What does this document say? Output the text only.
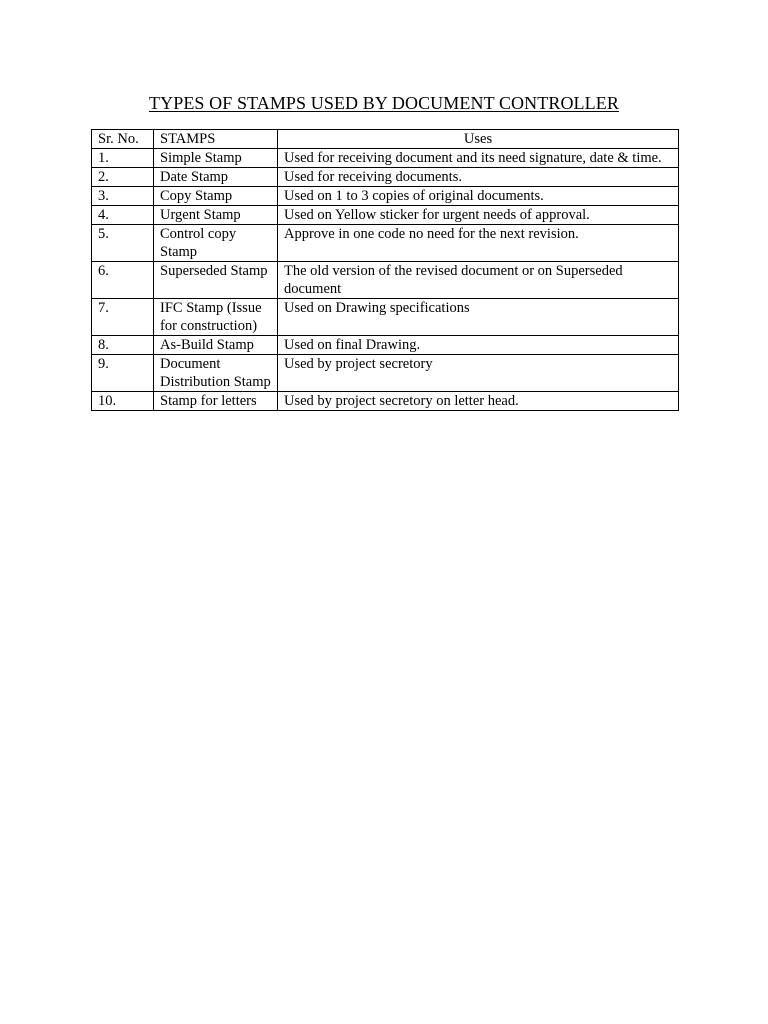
TYPES OF STAMPS USED BY DOCUMENT CONTROLLER
Sr. No.	STAMPS	Uses
1.	Simple Stamp	Used for receiving document and its need signature, date & time.
2.	Date Stamp	Used for receiving documents.
3.	Copy Stamp	Used on 1 to 3 copies of original documents.
4.	Urgent Stamp	Used on Yellow sticker for urgent needs of approval.
5.	Control copy Stamp	Approve in one code no need for the next revision.
6.	Superseded Stamp	The old version of the revised document or on Superseded document
7.	IFC Stamp (Issue for construction)	Used on Drawing specifications
8.	As-Build Stamp	Used on final Drawing.
9.	Document Distribution Stamp	Used by project secretory
10.	Stamp for letters	Used by project secretory on letter head.
